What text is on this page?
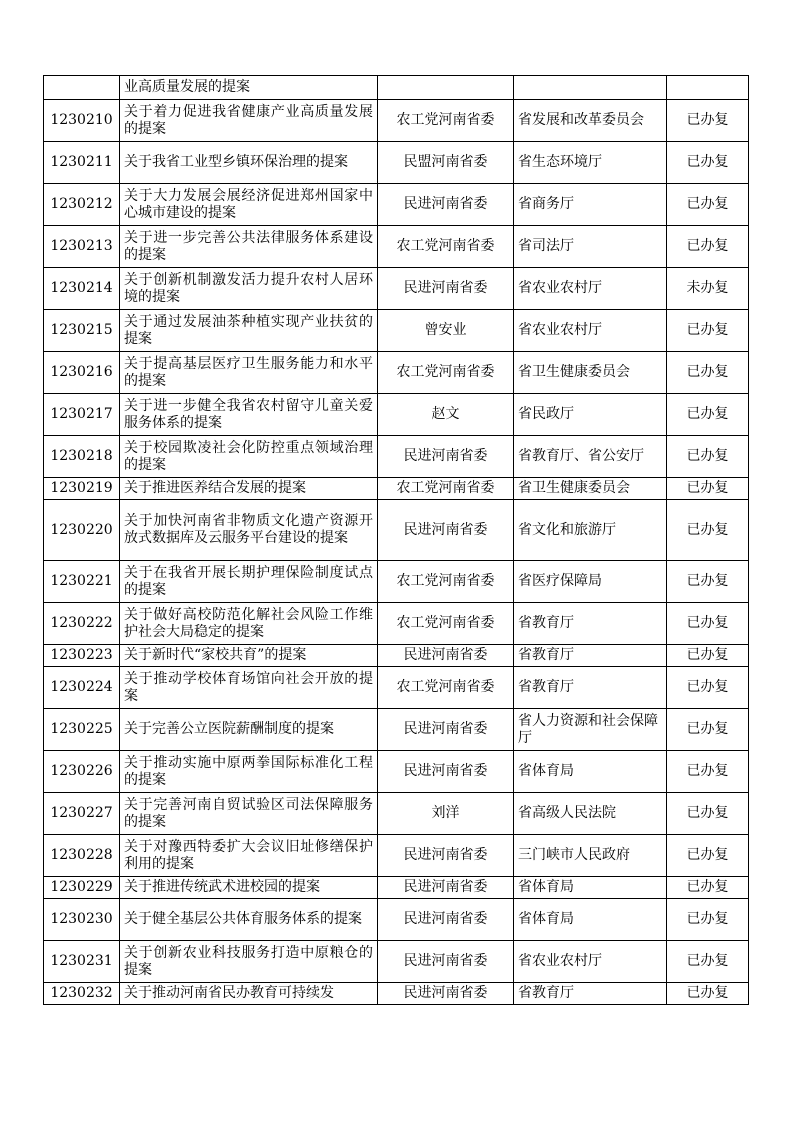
	业高质量发展的提案			
1230210	关于着力促进我省健康产业高质量发展的提案	农工党河南省委	省发展和改革委员会	已办复
1230211	关于我省工业型乡镇环保治理的提案	民盟河南省委	省生态环境厅	已办复
1230212	关于大力发展会展经济促进郑州国家中心城市建设的提案	民进河南省委	省商务厅	已办复
1230213	关于进一步完善公共法律服务体系建设的提案	农工党河南省委	省司法厅	已办复
1230214	关于创新机制激发活力提升农村人居环境的提案	民进河南省委	省农业农村厅	未办复
1230215	关于通过发展油茶种植实现产业扶贫的提案	曾安业	省农业农村厅	已办复
1230216	关于提高基层医疗卫生服务能力和水平的提案	农工党河南省委	省卫生健康委员会	已办复
1230217	关于进一步健全我省农村留守儿童关爱服务体系的提案	赵文	省民政厅	已办复
1230218	关于校园欺凌社会化防控重点领域治理的提案	民进河南省委	省教育厅、省公安厅	已办复
1230219	关于推进医养结合发展的提案	农工党河南省委	省卫生健康委员会	已办复
1230220	关于加快河南省非物质文化遗产资源开放式数据库及云服务平台建设的提案	民进河南省委	省文化和旅游厅	已办复
1230221	关于在我省开展长期护理保险制度试点的提案	农工党河南省委	省医疗保障局	已办复
1230222	关于做好高校防范化解社会风险工作维护社会大局稳定的提案	农工党河南省委	省教育厅	已办复
1230223	关于新时代“家校共育”的提案	民进河南省委	省教育厅	已办复
1230224	关于推动学校体育场馆向社会开放的提案	农工党河南省委	省教育厅	已办复
1230225	关于完善公立医院薪酬制度的提案	民进河南省委	省人力资源和社会保障厅	已办复
1230226	关于推动实施中原两拳国际标准化工程的提案	民进河南省委	省体育局	已办复
1230227	关于完善河南自贸试验区司法保障服务的提案	刘洋	省高级人民法院	已办复
1230228	关于对豫西特委扩大会议旧址修缮保护利用的提案	民进河南省委	三门峡市人民政府	已办复
1230229	关于推进传统武术进校园的提案	民进河南省委	省体育局	已办复
1230230	关于健全基层公共体育服务体系的提案	民进河南省委	省体育局	已办复
1230231	关于创新农业科技服务打造中原粮仓的提案	民进河南省委	省农业农村厅	已办复
1230232	关于推动河南省民办教育可持续发	民进河南省委	省教育厅	已办复
